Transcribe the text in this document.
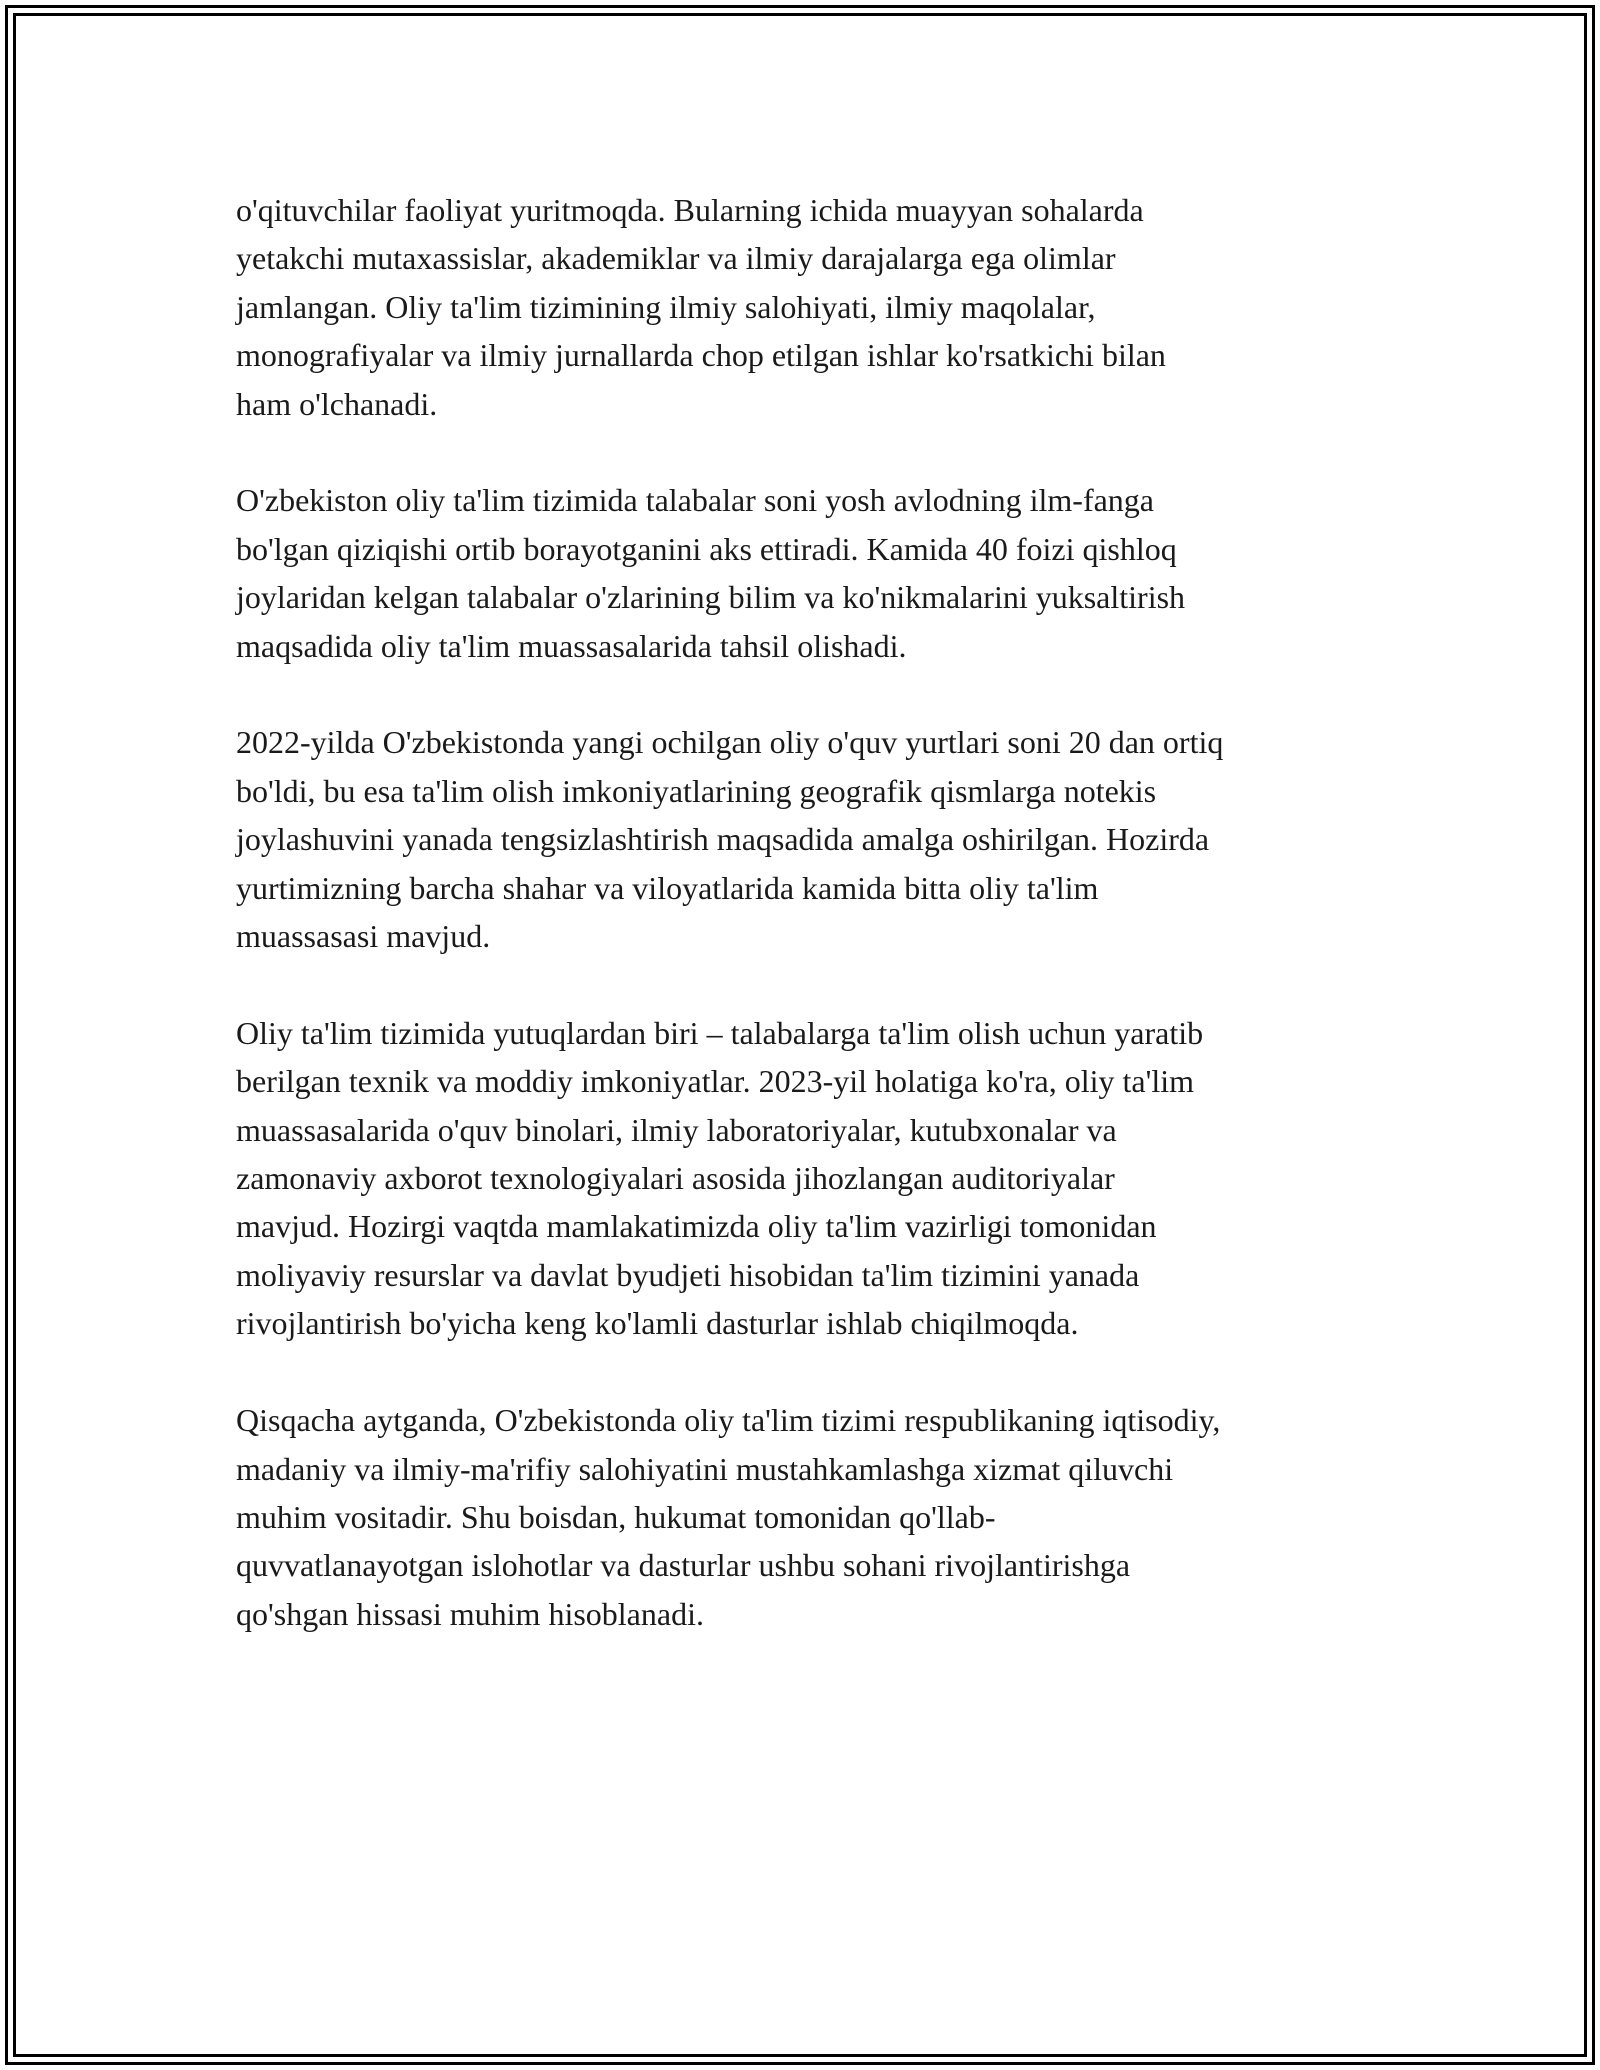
o'qituvchilar faoliyat yuritmoqda. Bularning ichida muayyan sohalarda
yetakchi mutaxassislar, akademiklar va ilmiy darajalarga ega olimlar
jamlangan. Oliy ta'lim tizimining ilmiy salohiyati, ilmiy maqolalar,
monografiyalar va ilmiy jurnallarda chop etilgan ishlar ko'rsatkichi bilan
ham o'lchanadi.

O'zbekiston oliy ta'lim tizimida talabalar soni yosh avlodning ilm-fanga
bo'lgan qiziqishi ortib borayotganini aks ettiradi. Kamida 40 foizi qishloq
joylaridan kelgan talabalar o'zlarining bilim va ko'nikmalarini yuksaltirish
maqsadida oliy ta'lim muassasalarida tahsil olishadi.

2022-yilda O'zbekistonda yangi ochilgan oliy o'quv yurtlari soni 20 dan ortiq
bo'ldi, bu esa ta'lim olish imkoniyatlarining geografik qismlarga notekis
joylashuvini yanada tengsizlashtirish maqsadida amalga oshirilgan. Hozirda
yurtimizning barcha shahar va viloyatlarida kamida bitta oliy ta'lim
muassasasi mavjud.

Oliy ta'lim tizimida yutuqlardan biri – talabalarga ta'lim olish uchun yaratib
berilgan texnik va moddiy imkoniyatlar. 2023-yil holatiga ko'ra, oliy ta'lim
muassasalarida o'quv binolari, ilmiy laboratoriyalar, kutubxonalar va
zamonaviy axborot texnologiyalari asosida jihozlangan auditoriyalar
mavjud. Hozirgi vaqtda mamlakatimizda oliy ta'lim vazirligi tomonidan
moliyaviy resurslar va davlat byudjeti hisobidan ta'lim tizimini yanada
rivojlantirish bo'yicha keng ko'lamli dasturlar ishlab chiqilmoqda.

Qisqacha aytganda, O'zbekistonda oliy ta'lim tizimi respublikaning iqtisodiy,
madaniy va ilmiy-ma'rifiy salohiyatini mustahkamlashga xizmat qiluvchi
muhim vositadir. Shu boisdan, hukumat tomonidan qo'llab-
quvvatlanayotgan islohotlar va dasturlar ushbu sohani rivojlantirishga
qo'shgan hissasi muhim hisoblanadi.
